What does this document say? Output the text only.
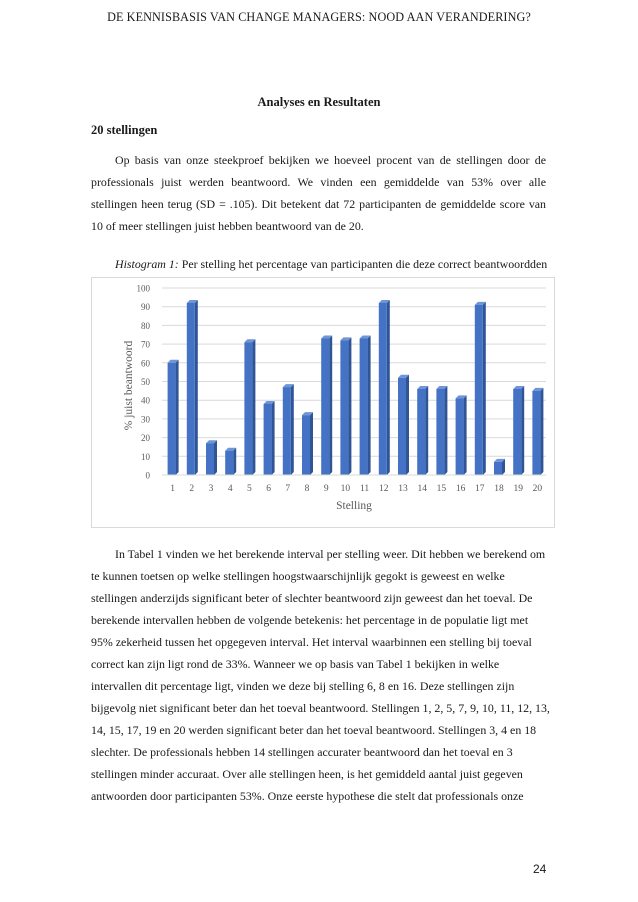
DE KENNISBASIS VAN CHANGE MANAGERS: NOOD AAN VERANDERING?
Analyses en Resultaten
20 stellingen

Op basis van onze steekproef bekijken we hoeveel procent van de stellingen door de professionals juist werden beantwoord. We vinden een gemiddelde van 53% over alle stellingen heen terug (SD = .105). Dit betekent dat 72 participanten de gemiddelde score van 10 of meer stellingen juist hebben beantwoord van de 20.

Histogram 1: Per stelling het percentage van participanten die deze correct beantwoordden
0
10
20
30
40
50
60
70
80
90
100
1 2 3 4 5 6 7 8 9 10 11 12 13 14 15 16 17 18 19 20
Stelling
% juist beantwoord

In Tabel 1 vinden we het berekende interval per stelling weer. Dit hebben we berekend om te kunnen toetsen op welke stellingen hoogstwaarschijnlijk gegokt is geweest en welke stellingen anderzijds significant beter of slechter beantwoord zijn geweest dan het toeval. De berekende intervallen hebben de volgende betekenis: het percentage in de populatie ligt met 95% zekerheid tussen het opgegeven interval. Het interval waarbinnen een stelling bij toeval correct kan zijn ligt rond de 33%. Wanneer we op basis van Tabel 1 bekijken in welke intervallen dit percentage ligt, vinden we deze bij stelling 6, 8 en 16. Deze stellingen zijn bijgevolg niet significant beter dan het toeval beantwoord. Stellingen 1, 2, 5, 7, 9, 10, 11, 12, 13, 14, 15, 17, 19 en 20 werden significant beter dan het toeval beantwoord. Stellingen 3, 4 en 18 slechter. De professionals hebben 14 stellingen accurater beantwoord dan het toeval en 3 stellingen minder accuraat. Over alle stellingen heen, is het gemiddeld aantal juist gegeven antwoorden door participanten 53%. Onze eerste hypothese die stelt dat professionals onze

24
